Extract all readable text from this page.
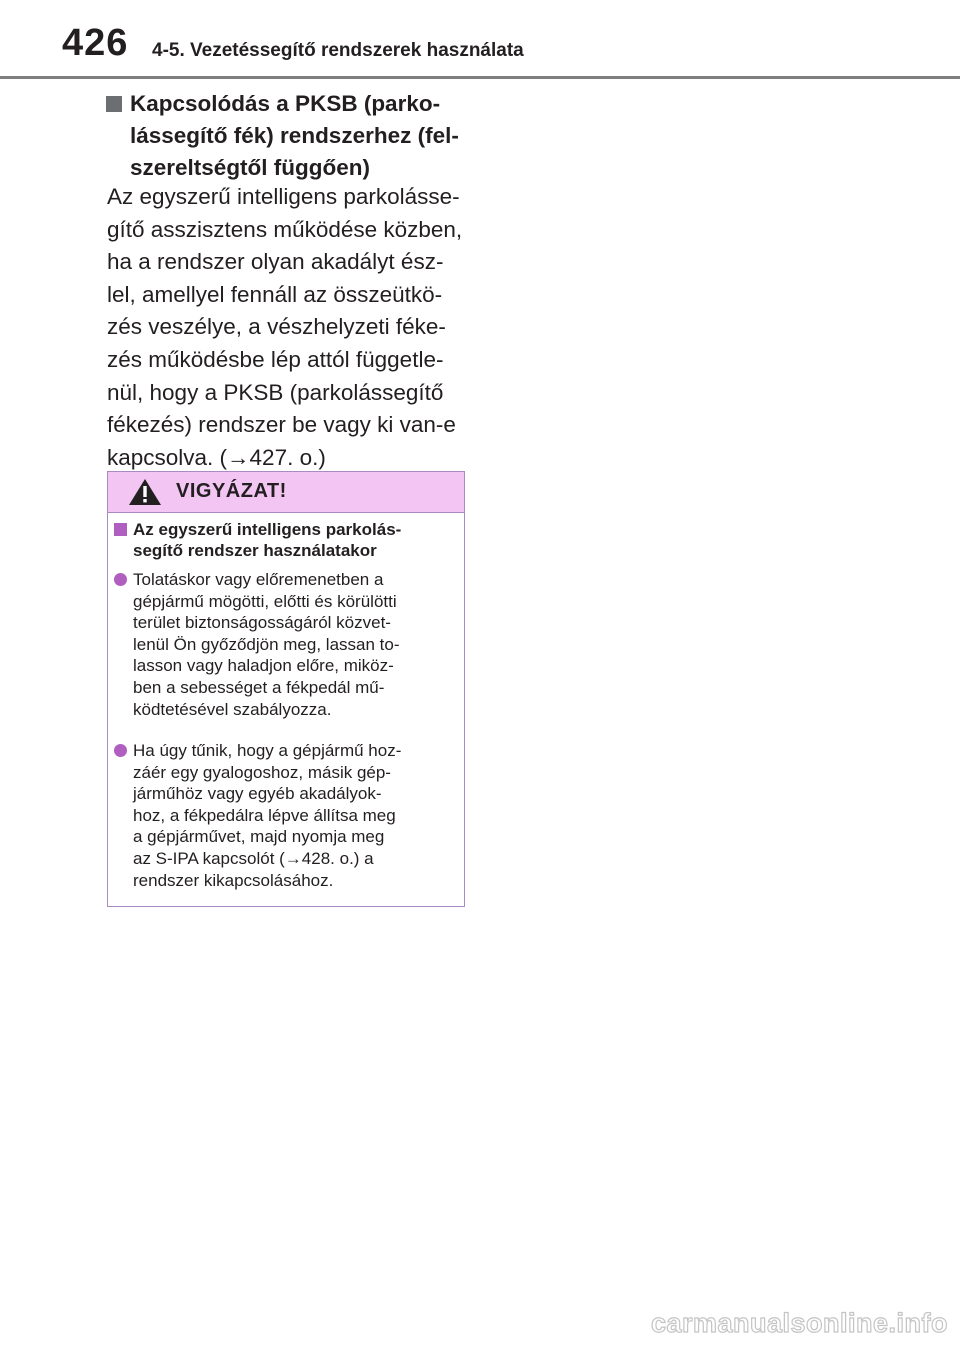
426 4-5. Vezetéssegítő rendszerek használata
Kapcsolódás a PKSB (parko-
lássegítő fék) rendszerhez (fel-
szereltségtől függően)
Az egyszerű intelligens parkolásse-
gítő asszisztens működése közben,
ha a rendszer olyan akadályt ész-
lel, amellyel fennáll az összeütkö-
zés veszélye, a vészhelyzeti féke-
zés működésbe lép attól függetle-
nül, hogy a PKSB (parkolássegítő
fékezés) rendszer be vagy ki van-e
kapcsolva. (→427. o.)
VIGYÁZAT!
Az egyszerű intelligens parkolás-
segítő rendszer használatakor
Tolatáskor vagy előremenetben a
gépjármű mögötti, előtti és körülötti
terület biztonságosságáról közvet-
lenül Ön győződjön meg, lassan to-
lasson vagy haladjon előre, miköz-
ben a sebességet a fékpedál mű-
ködtetésével szabályozza.
Ha úgy tűnik, hogy a gépjármű hoz-
záér egy gyalogoshoz, másik gép-
járműhöz vagy egyéb akadályok-
hoz, a fékpedálra lépve állítsa meg
a gépjárművet, majd nyomja meg
az S-IPA kapcsolót (→428. o.) a
rendszer kikapcsolásához.
carmanualsonline.info
